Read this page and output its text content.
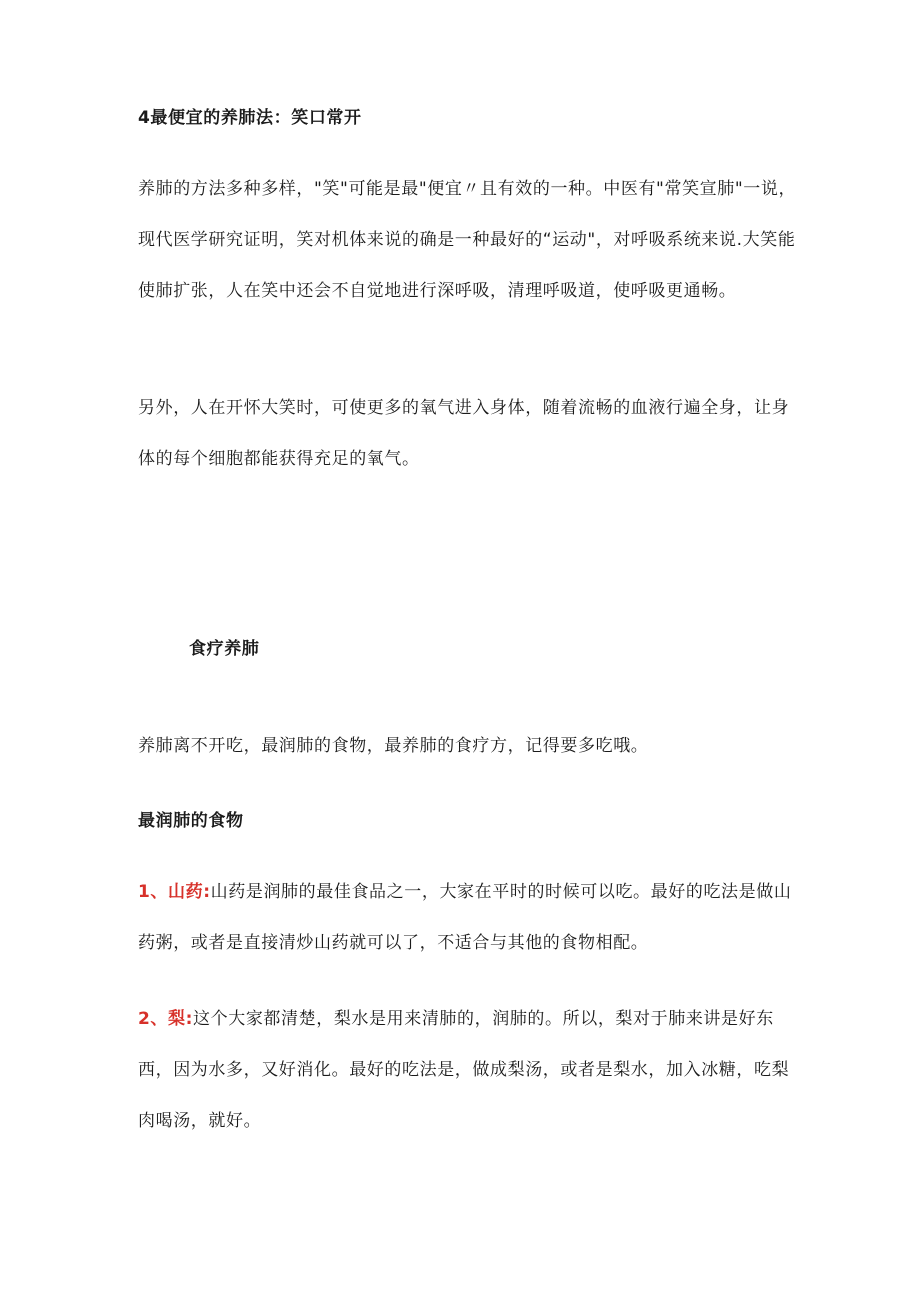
4最便宜的养肺法：笑口常开
养肺的方法多种多样，"笑"可能是最"便宜〃且有效的一种。中医有"常笑宣肺"一说，现代医学研究证明，笑对机体来说的确是一种最好的“运动"，对呼吸系统来说.大笑能使肺扩张，人在笑中还会不自觉地进行深呼吸，清理呼吸道，使呼吸更通畅。
另外，人在开怀大笑时，可使更多的氧气进入身体，随着流畅的血液行遍全身，让身体的每个细胞都能获得充足的氧气。
食疗养肺
养肺离不开吃，最润肺的食物，最养肺的食疗方，记得要多吃哦。
最润肺的食物
1、山药:山药是润肺的最佳食品之一，大家在平时的时候可以吃。最好的吃法是做山药粥，或者是直接清炒山药就可以了，不适合与其他的食物相配。
2、梨:这个大家都清楚，梨水是用来清肺的，润肺的。所以，梨对于肺来讲是好东西，因为水多，又好消化。最好的吃法是，做成梨汤，或者是梨水，加入冰糖，吃梨肉喝汤，就好。
